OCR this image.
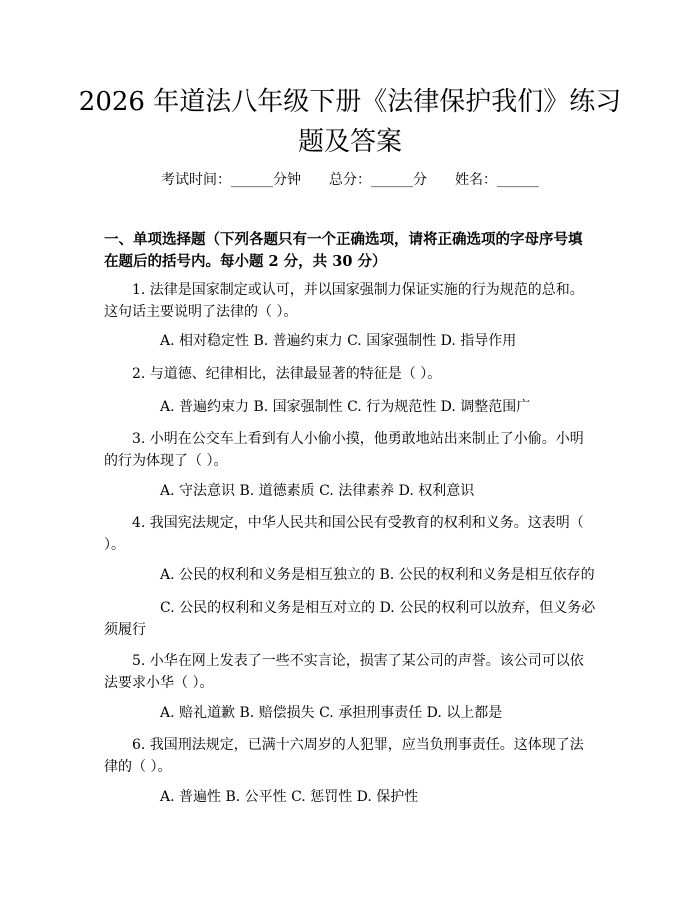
2026 年道法八年级下册《法律保护我们》练习题及答案
考试时间：______分钟　　总分：______分　　姓名：______

一、单项选择题（下列各题只有一个正确选项，请将正确选项的字母序号填在题后的括号内。每小题 2 分，共 30 分）

1. 法律是国家制定或认可，并以国家强制力保证实施的行为规范的总和。这句话主要说明了法律的（ ）。

A. 相对稳定性 B. 普遍约束力 C. 国家强制性 D. 指导作用

2. 与道德、纪律相比，法律最显著的特征是（ ）。

A. 普遍约束力 B. 国家强制性 C. 行为规范性 D. 调整范围广

3. 小明在公交车上看到有人小偷小摸，他勇敢地站出来制止了小偷。小明的行为体现了（ ）。

A. 守法意识 B. 道德素质 C. 法律素养 D. 权利意识

4. 我国宪法规定，中华人民共和国公民有受教育的权利和义务。这表明（ ）。

A. 公民的权利和义务是相互独立的 B. 公民的权利和义务是相互依存的

C. 公民的权利和义务是相互对立的 D. 公民的权利可以放弃，但义务必须履行

5. 小华在网上发表了一些不实言论，损害了某公司的声誉。该公司可以依法要求小华（ ）。

A. 赔礼道歉 B. 赔偿损失 C. 承担刑事责任 D. 以上都是

6. 我国刑法规定，已满十六周岁的人犯罪，应当负刑事责任。这体现了法律的（ ）。

A. 普遍性 B. 公平性 C. 惩罚性 D. 保护性
